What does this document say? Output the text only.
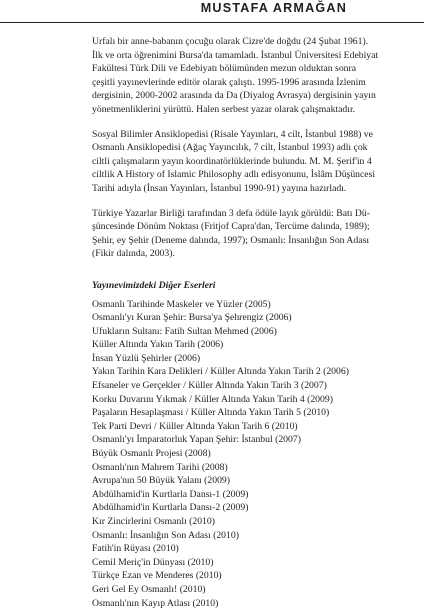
MUSTAFA ARMAĞAN

Urfalı bir anne-babanın çocuğu olarak Cizre'de doğdu (24 Şubat 1961).

İlk ve orta öğrenimini Bursa'da tamamladı. İstanbul Üniversitesi Edebiyat

Fakültesi Türk Dili ve Edebiyatı bölümünden mezun olduktan sonra

çeşitli yayınevlerinde editör olarak çalıştı. 1995-1996 arasında İzlenim

dergisinin, 2000-2002 arasında da Da (Diyalog Avrasya) dergisinin yayın

yönetmenliklerini yürüttü. Halen serbest yazar olarak çalışmaktadır.

Sosyal Bilimler Ansiklopedisi (Risale Yayınları, 4 cilt, İstanbul 1988) ve

Osmanlı Ansiklopedisi (Ağaç Yayıncılık, 7 cilt, İstanbul 1993) adlı çok

ciltli çalışmaların yayın koordinatörlüklerinde bulundu. M. M. Şerif'in 4

ciltlik A History of Islamic Philosophy adlı edisyonunu, İslâm Düşüncesi

Tarihi adıyla (İnsan Yayınları, İstanbul 1990-91) yayına hazırladı.

Türkiye Yazarlar Birliği tarafından 3 defa ödüle layık görüldü: Batı Dü-

şüncesinde Dönüm Noktası (Fritjof Capra'dan, Tercüme dalında, 1989);

Şehir, ey Şehir (Deneme dalında, 1997); Osmanlı: İnsanlığın Son Adası

(Fikir dalında, 2003).

Yayınevimizdeki Diğer Eserleri
Osmanlı Tarihinde Maskeler ve Yüzler (2005)
Osmanlı'yı Kuran Şehir: Bursa'ya Şehrengiz (2006)
Ufukların Sultanı: Fatih Sultan Mehmed (2006)
Küller Altında Yakın Tarih (2006)
İnsan Yüzlü Şehirler (2006)
Yakın Tarihin Kara Delikleri / Küller Altında Yakın Tarih 2 (2006)
Efsaneler ve Gerçekler / Küller Altında Yakın Tarih 3 (2007)
Korku Duvarını Yıkmak / Küller Altında Yakın Tarih 4 (2009)
Paşaların Hesaplaşması / Küller Altında Yakın Tarih 5 (2010)
Tek Parti Devri / Küller Altında Yakın Tarih 6 (2010)
Osmanlı'yı İmparatorluk Yapan Şehir: İstanbul (2007)
Büyük Osmanlı Projesi (2008)
Osmanlı'nın Mahrem Tarihi (2008)
Avrupa'nın 50 Büyük Yalanı (2009)
Abdülhamid'in Kurtlarla Dansı-1 (2009)
Abdülhamid'in Kurtlarla Dansı-2 (2009)
Kır Zincirlerini Osmanlı (2010)
Osmanlı: İnsanlığın Son Adası (2010)
Fatih'in Rüyası (2010)
Cemil Meriç'in Dünyası (2010)
Türkçe Ezan ve Menderes (2010)
Geri Gel Ey Osmanlı! (2010)
Osmanlı'nın Kayıp Atlası (2010)
